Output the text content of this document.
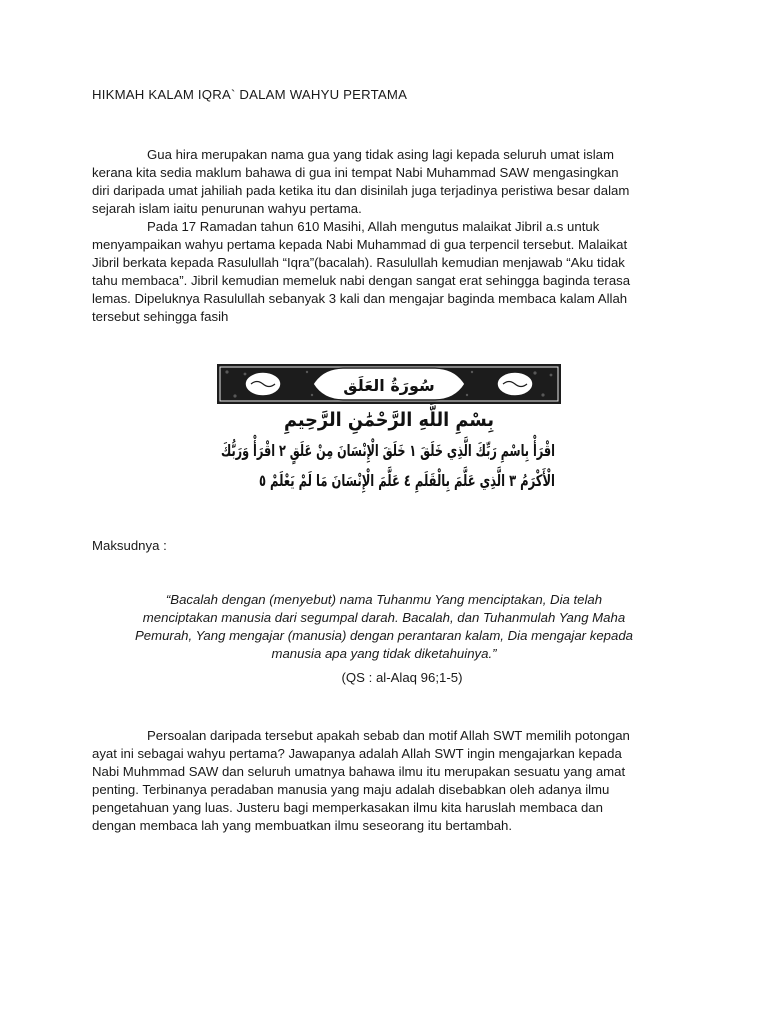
HIKMAH KALAM IQRA` DALAM WAHYU PERTAMA

Gua hira merupakan nama gua yang tidak asing lagi kepada seluruh umat islam
kerana kita sedia maklum bahawa di gua ini tempat Nabi Muhammad SAW mengasingkan
diri daripada umat jahiliah pada ketika itu dan disinilah juga terjadinya peristiwa besar dalam
sejarah islam iaitu penurunan wahyu pertama.

Pada 17 Ramadan tahun 610 Masihi, Allah mengutus malaikat Jibril a.s untuk
menyampaikan wahyu pertama kepada Nabi Muhammad di gua terpencil tersebut. Malaikat
Jibril berkata kepada Rasulullah “Iqra”(bacalah). Rasulullah kemudian menjawab “Aku tidak
tahu membaca”. Jibril kemudian memeluk nabi dengan sangat erat sehingga baginda terasa
lemas. Dipeluknya Rasulullah sebanyak 3 kali dan mengajar baginda membaca kalam Allah
tersebut sehingga fasih

سُورَةُ العَلَق
بِسْمِ اللَّهِ الرَّحْمَٰنِ الرَّحِيمِ
اقْرَأْ بِاسْمِ رَبِّكَ الَّذِي خَلَقَ ١ خَلَقَ الْإِنْسَانَ مِنْ عَلَقٍ ٢ اقْرَأْ وَرَبُّكَ
الْأَكْرَمُ ٣ الَّذِي عَلَّمَ بِالْقَلَمِ ٤ عَلَّمَ الْإِنْسَانَ مَا لَمْ يَعْلَمْ ٥
Maksudnya :

“Bacalah dengan (menyebut) nama Tuhanmu Yang menciptakan, Dia telah
menciptakan manusia dari segumpal darah. Bacalah, dan Tuhanmulah Yang Maha
Pemurah, Yang mengajar (manusia) dengan perantaran kalam, Dia mengajar kepada
manusia apa yang tidak diketahuinya.”

(QS : al-Alaq 96;1-5)

Persoalan daripada tersebut apakah sebab dan motif Allah SWT memilih potongan
ayat ini sebagai wahyu pertama? Jawapanya adalah Allah SWT ingin mengajarkan kepada
Nabi Muhmmad SAW dan seluruh umatnya bahawa ilmu itu merupakan sesuatu yang amat
penting. Terbinanya peradaban manusia yang maju adalah disebabkan oleh adanya ilmu
pengetahuan yang luas. Justeru bagi memperkasakan ilmu kita haruslah membaca dan
dengan membaca lah yang membuatkan ilmu seseorang itu bertambah.
